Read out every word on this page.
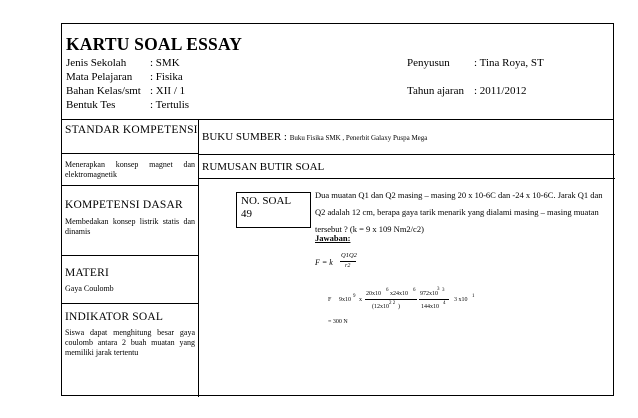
KARTU SOAL ESSAY
Jenis Sekolah : SMK
Mata Pelajaran : Fisika
Bahan Kelas/smt : XII / 1
Bentuk Tes	: Tertulis
Penyusun : Tina Roya, ST
Tahun ajaran : 2011/2012
STANDAR KOMPETENSI
Menerapkan konsep magnet dan elektromagnetik
KOMPETENSI DASAR
Membedakan konsep listrik statis dan dinamis
MATERI
Gaya Coulomb
INDIKATOR SOAL
Siswa dapat menghitung besar gaya coulomb antara 2 buah muatan yang memiliki jarak tertentu
BUKU SUMBER : Buku Fisika SMK , Penerbit Galaxy Puspa Mega
RUMUSAN BUTIR SOAL
NO. SOAL
49
Dua muatan Q1 dan Q2 masing – masing 20 x 10-6C dan -24 x 10-6C. Jarak Q1 dan Q2 adalah 12 cm, berapa gaya tarik menarik yang dialami masing – masing muatan tersebut ? (k = 9 x 109 Nm2/c2)
Jawaban:
F = k
Q1Q2
r2
F 9x10
9
x
20x10
6
x24x10
6
(12x10
2 2
)
972x10
3
3
144x10
4
3 x10
1
= 300 N
